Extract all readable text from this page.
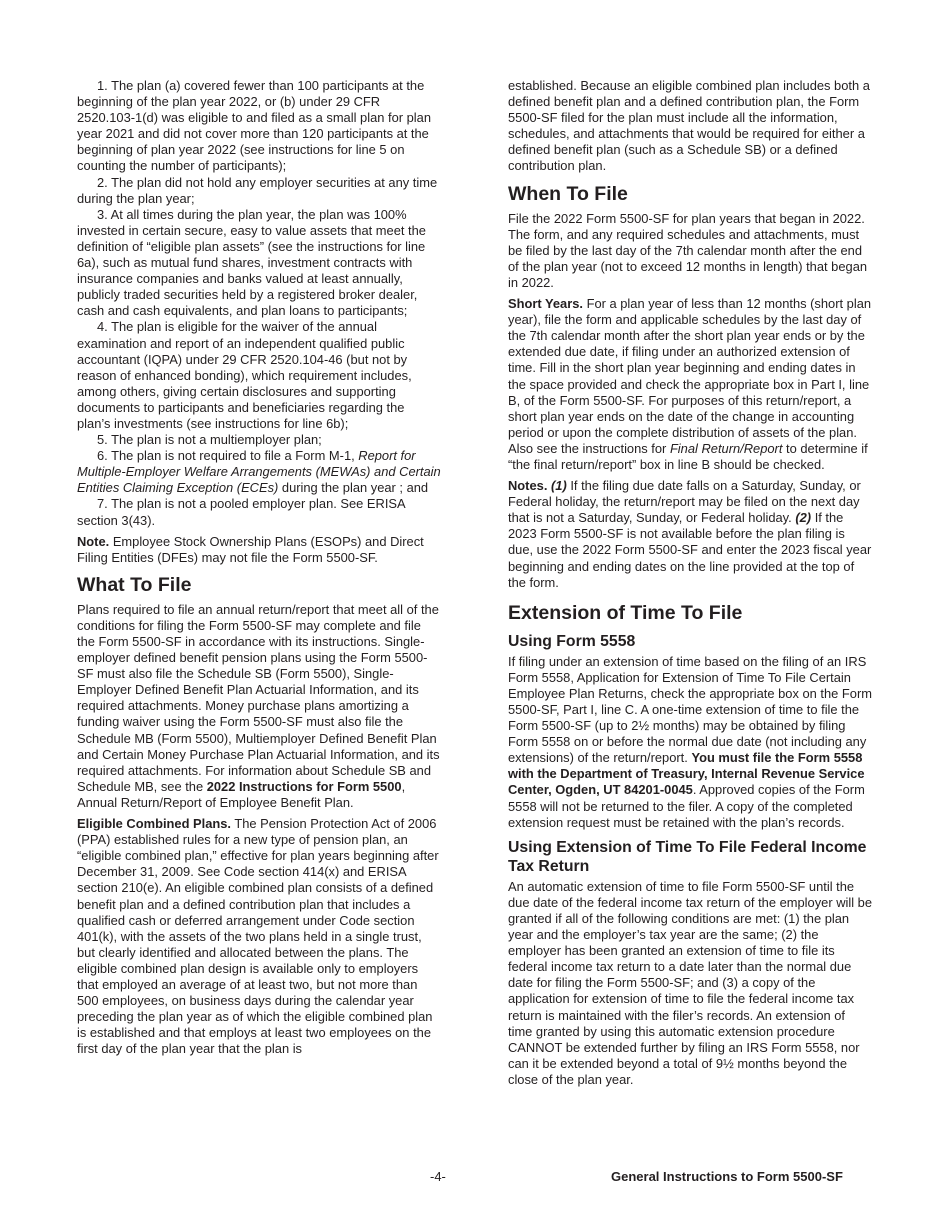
1. The plan (a) covered fewer than 100 participants at the beginning of the plan year 2022, or (b) under 29 CFR 2520.103-1(d) was eligible to and filed as a small plan for plan year 2021 and did not cover more than 120 participants at the beginning of plan year 2022 (see instructions for line 5 on counting the number of participants);

2. The plan did not hold any employer securities at any time during the plan year;

3. At all times during the plan year, the plan was 100% invested in certain secure, easy to value assets that meet the definition of “eligible plan assets” (see the instructions for line 6a), such as mutual fund shares, investment contracts with insurance companies and banks valued at least annually, publicly traded securities held by a registered broker dealer, cash and cash equivalents, and plan loans to participants;

4. The plan is eligible for the waiver of the annual examination and report of an independent qualified public accountant (IQPA) under 29 CFR 2520.104-46 (but not by reason of enhanced bonding), which requirement includes, among others, giving certain disclosures and supporting documents to participants and beneficiaries regarding the plan’s investments (see instructions for line 6b);

5. The plan is not a multiemployer plan;

6. The plan is not required to file a Form M-1, Report for Multiple-Employer Welfare Arrangements (MEWAs) and Certain Entities Claiming Exception (ECEs) during the plan year ; and

7. The plan is not a pooled employer plan. See ERISA section 3(43).

Note. Employee Stock Ownership Plans (ESOPs) and Direct Filing Entities (DFEs) may not file the Form 5500-SF.

What To File

Plans required to file an annual return/report that meet all of the conditions for filing the Form 5500-SF may complete and file the Form 5500-SF in accordance with its instructions. Single-employer defined benefit pension plans using the Form 5500-SF must also file the Schedule SB (Form 5500), Single-Employer Defined Benefit Plan Actuarial Information, and its required attachments. Money purchase plans amortizing a funding waiver using the Form 5500-SF must also file the Schedule MB (Form 5500), Multiemployer Defined Benefit Plan and Certain Money Purchase Plan Actuarial Information, and its required attachments. For information about Schedule SB and Schedule MB, see the 2022 Instructions for Form 5500, Annual Return/Report of Employee Benefit Plan.

Eligible Combined Plans. The Pension Protection Act of 2006 (PPA) established rules for a new type of pension plan, an “eligible combined plan,” effective for plan years beginning after December 31, 2009. See Code section 414(x) and ERISA section 210(e). An eligible combined plan consists of a defined benefit plan and a defined contribution plan that includes a qualified cash or deferred arrangement under Code section 401(k), with the assets of the two plans held in a single trust, but clearly identified and allocated between the plans. The eligible combined plan design is available only to employers that employed an average of at least two, but not more than 500 employees, on business days during the calendar year preceding the plan year as of which the eligible combined plan is established and that employs at least two employees on the first day of the plan year that the plan is

established. Because an eligible combined plan includes both a defined benefit plan and a defined contribution plan, the Form 5500-SF filed for the plan must include all the information, schedules, and attachments that would be required for either a defined benefit plan (such as a Schedule SB) or a defined contribution plan.

When To File

File the 2022 Form 5500-SF for plan years that began in 2022. The form, and any required schedules and attachments, must be filed by the last day of the 7th calendar month after the end of the plan year (not to exceed 12 months in length) that began in 2022.

Short Years. For a plan year of less than 12 months (short plan year), file the form and applicable schedules by the last day of the 7th calendar month after the short plan year ends or by the extended due date, if filing under an authorized extension of time. Fill in the short plan year beginning and ending dates in the space provided and check the appropriate box in Part I, line B, of the Form 5500-SF. For purposes of this return/report, a short plan year ends on the date of the change in accounting period or upon the complete distribution of assets of the plan. Also see the instructions for Final Return/Report to determine if “the final return/report” box in line B should be checked.

Notes. (1) If the filing due date falls on a Saturday, Sunday, or Federal holiday, the return/report may be filed on the next day that is not a Saturday, Sunday, or Federal holiday. (2) If the 2023 Form 5500-SF is not available before the plan filing is due, use the 2022 Form 5500-SF and enter the 2023 fiscal year beginning and ending dates on the line provided at the top of the form.

Extension of Time To File
Using Form 5558

If filing under an extension of time based on the filing of an IRS Form 5558, Application for Extension of Time To File Certain Employee Plan Returns, check the appropriate box on the Form 5500-SF, Part I, line C. A one-time extension of time to file the Form 5500-SF (up to 2½ months) may be obtained by filing Form 5558 on or before the normal due date (not including any extensions) of the return/report. You must file the Form 5558 with the Department of Treasury, Internal Revenue Service Center, Ogden, UT 84201-0045. Approved copies of the Form 5558 will not be returned to the filer. A copy of the completed extension request must be retained with the plan’s records.

Using Extension of Time To File Federal Income Tax Return

An automatic extension of time to file Form 5500-SF until the due date of the federal income tax return of the employer will be granted if all of the following conditions are met: (1) the plan year and the employer’s tax year are the same; (2) the employer has been granted an extension of time to file its federal income tax return to a date later than the normal due date for filing the Form 5500-SF; and (3) a copy of the application for extension of time to file the federal income tax return is maintained with the filer’s records. An extension of time granted by using this automatic extension procedure CANNOT be extended further by filing an IRS Form 5558, nor can it be extended beyond a total of 9½ months beyond the close of the plan year.

-4-	General Instructions to Form 5500-SF
